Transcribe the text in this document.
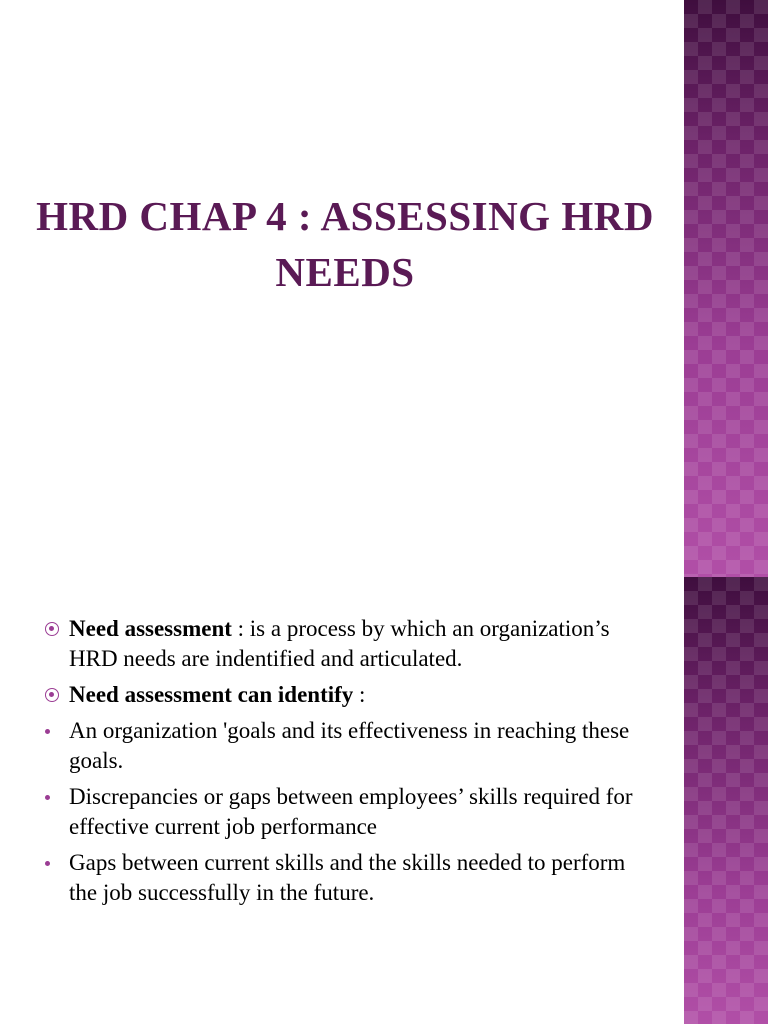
HRD CHAP 4 : ASSESSING HRD NEEDS
Need assessment : is a process by which an organization’s HRD needs are indentified and articulated.
Need assessment can identify :
An organization 'goals and its effectiveness in reaching these goals.
Discrepancies or gaps between employees’ skills required for effective current job performance
Gaps between current skills and the skills needed to perform the job successfully in the future.
